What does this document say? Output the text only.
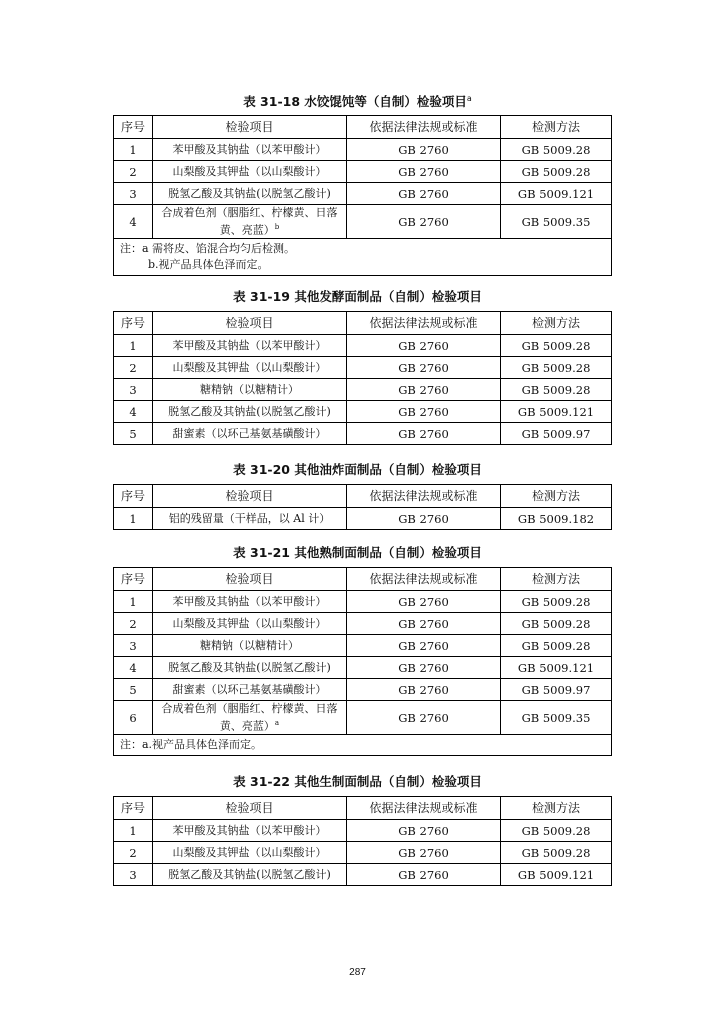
表 31-18 水饺馄饨等（自制）检验项目$^a$
序号	检验项目	依据法律法规或标准	检测方法
1	苯甲酸及其钠盐（以苯甲酸计）	GB 2760	GB 5009.28
2	山梨酸及其钾盐（以山梨酸计）	GB 2760	GB 5009.28
3	脱氢乙酸及其钠盐(以脱氢乙酸计)	GB 2760	GB 5009.121
4	合成着色剂（胭脂红、柠檬黄、日落黄、亮蓝）$^b$	GB 2760	GB 5009.35

注：a 需将皮、馅混合均匀后检测。
b.视产品具体色泽而定。			
表 31-19 其他发酵面制品（自制）检验项目
序号	检验项目	依据法律法规或标准	检测方法
1	苯甲酸及其钠盐（以苯甲酸计）	GB 2760	GB 5009.28
2	山梨酸及其钾盐（以山梨酸计）	GB 2760	GB 5009.28
3	糖精钠（以糖精计）	GB 2760	GB 5009.28
4	脱氢乙酸及其钠盐(以脱氢乙酸计)	GB 2760	GB 5009.121
5	甜蜜素（以环己基氨基磺酸计）	GB 2760	GB 5009.97
表 31-20 其他油炸面制品（自制）检验项目
序号	检验项目	依据法律法规或标准	检测方法
1	铝的残留量（干样品，以 Al 计）	GB 2760	GB 5009.182
表 31-21 其他熟制面制品（自制）检验项目
序号	检验项目	依据法律法规或标准	检测方法
1	苯甲酸及其钠盐（以苯甲酸计）	GB 2760	GB 5009.28
2	山梨酸及其钾盐（以山梨酸计）	GB 2760	GB 5009.28
3	糖精钠（以糖精计）	GB 2760	GB 5009.28
4	脱氢乙酸及其钠盐(以脱氢乙酸计)	GB 2760	GB 5009.121
5	甜蜜素（以环己基氨基磺酸计）	GB 2760	GB 5009.97
6	合成着色剂（胭脂红、柠檬黄、日落黄、亮蓝）$^a$	GB 2760	GB 5009.35

注：a.视产品具体色泽而定。			
表 31-22 其他生制面制品（自制）检验项目
序号	检验项目	依据法律法规或标准	检测方法
1	苯甲酸及其钠盐（以苯甲酸计）	GB 2760	GB 5009.28
2	山梨酸及其钾盐（以山梨酸计）	GB 2760	GB 5009.28
3	脱氢乙酸及其钠盐(以脱氢乙酸计)	GB 2760	GB 5009.121
287
